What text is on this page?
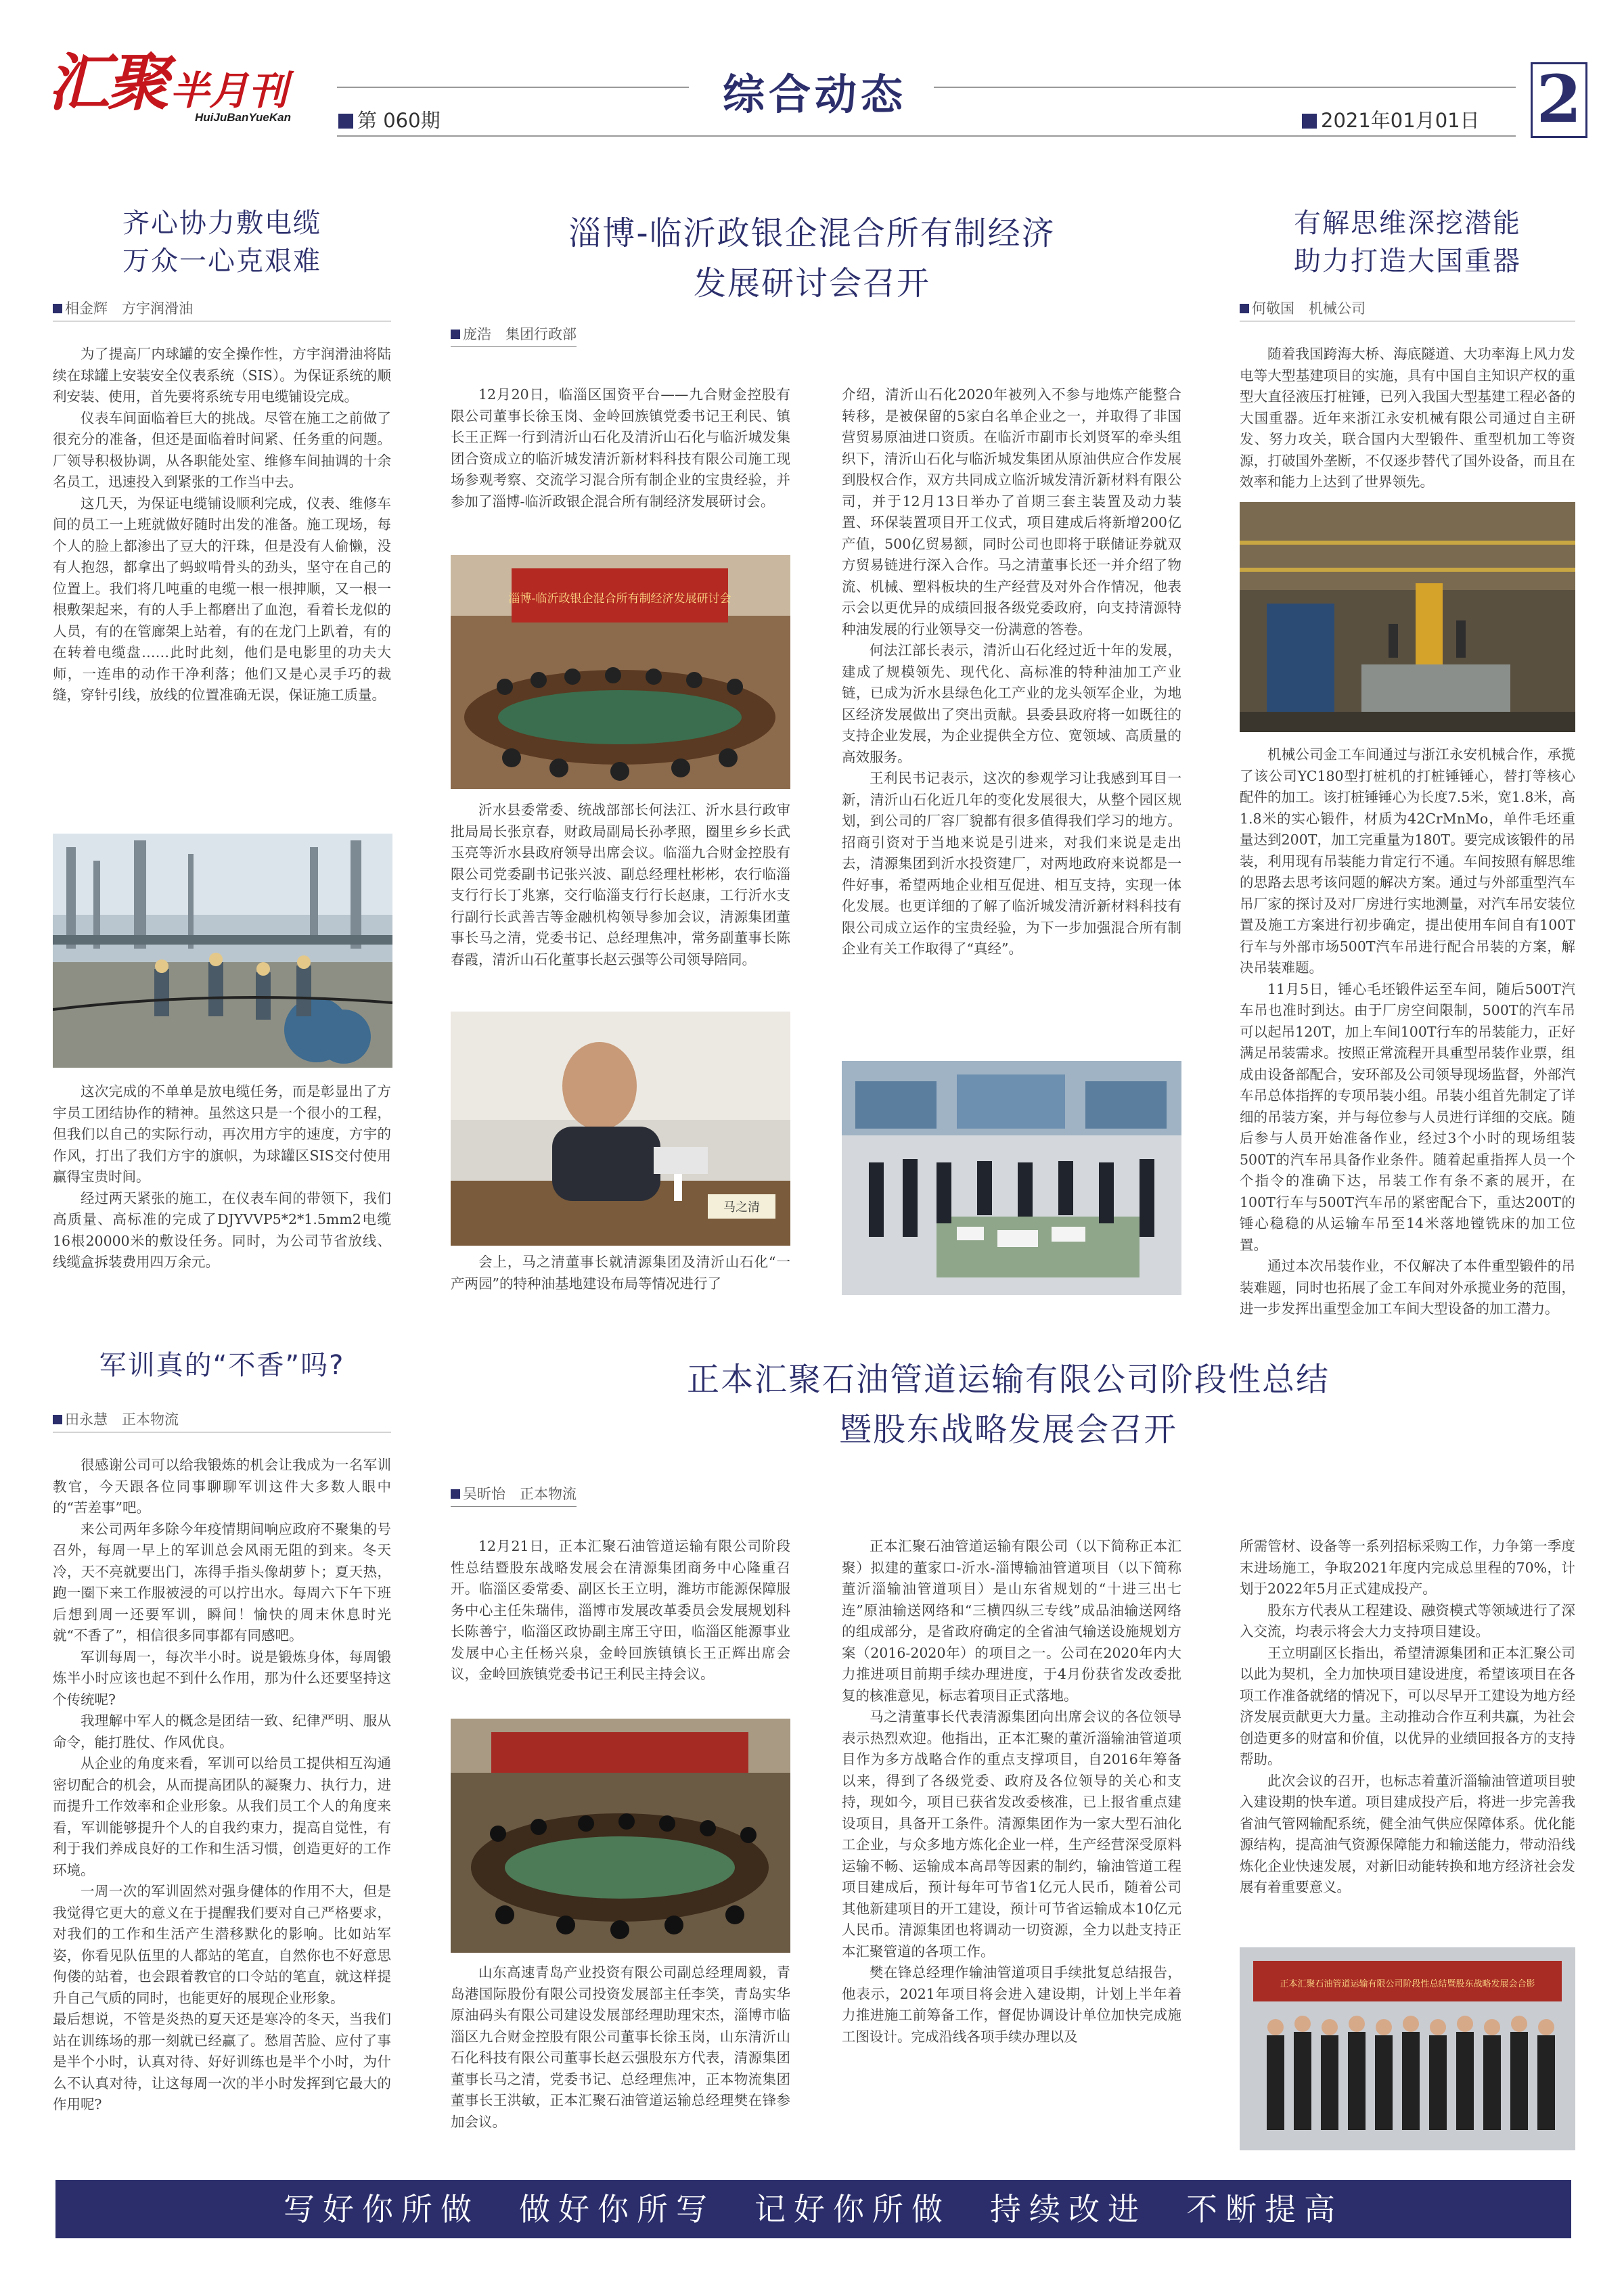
汇聚 半月刊
HuiJuBanYueKan	第 060期
综合动态
2021年01月01日 2
齐心协力敷电缆
万众一心克艰难
相金辉　方宇润滑油

为了提高厂内球罐的安全操作性，方宇润滑油将陆续在球罐上安装安全仪表系统（SIS）。为保证系统的顺利安装、使用，首先要将系统专用电缆铺设完成。

仪表车间面临着巨大的挑战。尽管在施工之前做了很充分的准备，但还是面临着时间紧、任务重的问题。厂领导积极协调，从各职能处室、维修车间抽调的十余名员工，迅速投入到紧张的工作当中去。

这几天，为保证电缆铺设顺利完成，仪表、维修车间的员工一上班就做好随时出发的准备。施工现场，每个人的脸上都渗出了豆大的汗珠，但是没有人偷懒，没有人抱怨，都拿出了蚂蚁啃骨头的劲头，坚守在自己的位置上。我们将几吨重的电缆一根一根抻顺，又一根一根敷架起来，有的人手上都磨出了血泡，看着长龙似的人员，有的在管廊架上站着，有的在龙门上趴着，有的在转着电缆盘……此时此刻，他们是电影里的功夫大师，一连串的动作干净利落；他们又是心灵手巧的裁缝，穿针引线，放线的位置准确无误，保证施工质量。

这次完成的不单单是放电缆任务，而是彰显出了方宇员工团结协作的精神。虽然这只是一个很小的工程，但我们以自己的实际行动，再次用方宇的速度，方宇的作风，打出了我们方宇的旗帜，为球罐区SIS交付使用赢得宝贵时间。

经过两天紧张的施工，在仪表车间的带领下，我们高质量、高标准的完成了DJYVVP5*2*1.5mm2电缆16根20000米的敷设任务。同时，为公司节省放线、线缆盒拆装费用四万余元。

淄博-临沂政银企混合所有制经济
发展研讨会召开
庞浩　集团行政部

12月20日，临淄区国资平台——九合财金控股有限公司董事长徐玉岗、金岭回族镇党委书记王利民、镇长王正辉一行到清沂山石化及清沂山石化与临沂城发集团合资成立的临沂城发清沂新材料科技有限公司施工现场参观考察、交流学习混合所有制企业的宝贵经验，并参加了淄博-临沂政银企混合所有制经济发展研讨会。

淄博-临沂政银企混合所有制经济发展研讨会

沂水县委常委、统战部部长何法江、沂水县行政审批局局长张京春，财政局副局长孙孝照，圈里乡乡长武玉亮等沂水县政府领导出席会议。临淄九合财金控股有限公司党委副书记张兴波、副总经理杜彬彬，农行临淄支行行长丁兆寨，交行临淄支行行长赵康，工行沂水支行副行长武善吉等金融机构领导参加会议，清源集团董事长马之清，党委书记、总经理焦冲，常务副董事长陈春霞，清沂山石化董事长赵云强等公司领导陪同。

马之清

会上，马之清董事长就清源集团及清沂山石化“一产两园”的特种油基地建设布局等情况进行了

介绍，清沂山石化2020年被列入不参与地炼产能整合转移，是被保留的5家白名单企业之一，并取得了非国营贸易原油进口资质。在临沂市副市长刘贤军的牵头组织下，清沂山石化与临沂城发集团从原油供应合作发展到股权合作，双方共同成立临沂城发清沂新材料有限公司，并于12月13日举办了首期三套主装置及动力装置、环保装置项目开工仪式，项目建成后将新增200亿产值，500亿贸易额，同时公司也即将于联储证券就双方贸易链进行深入合作。马之清董事长还一并介绍了物流、机械、塑料板块的生产经营及对外合作情况，他表示会以更优异的成绩回报各级党委政府，向支持清源特种油发展的行业领导交一份满意的答卷。

何法江部长表示，清沂山石化经过近十年的发展，建成了规模领先、现代化、高标准的特种油加工产业链，已成为沂水县绿色化工产业的龙头领军企业，为地区经济发展做出了突出贡献。县委县政府将一如既往的支持企业发展，为企业提供全方位、宽领域、高质量的高效服务。

王利民书记表示，这次的参观学习让我感到耳目一新，清沂山石化近几年的变化发展很大，从整个园区规划，到公司的厂容厂貌都有很多值得我们学习的地方。招商引资对于当地来说是引进来，对我们来说是走出去，清源集团到沂水投资建厂，对两地政府来说都是一件好事，希望两地企业相互促进、相互支持，实现一体化发展。也更详细的了解了临沂城发清沂新材料科技有限公司成立运作的宝贵经验，为下一步加强混合所有制企业有关工作取得了“真经”。

有解思维深挖潜能
助力打造大国重器
何敬国　机械公司

随着我国跨海大桥、海底隧道、大功率海上风力发电等大型基建项目的实施，具有中国自主知识产权的重型大直径液压打桩锤，已列入我国大型基建工程必备的大国重器。近年来浙江永安机械有限公司通过自主研发、努力攻关，联合国内大型锻件、重型机加工等资源，打破国外垄断，不仅逐步替代了国外设备，而且在效率和能力上达到了世界领先。

机械公司金工车间通过与浙江永安机械合作，承揽了该公司YC180型打桩机的打桩锤锤心，替打等核心配件的加工。该打桩锤锤心为长度7.5米，宽1.8米，高1.8米的实心锻件，材质为42CrMnMo，单件毛坯重量达到200T，加工完重量为180T。要完成该锻件的吊装，利用现有吊装能力肯定行不通。车间按照有解思维的思路去思考该问题的解决方案。通过与外部重型汽车吊厂家的探讨及对厂房进行实地测量，对汽车吊安装位置及施工方案进行初步确定，提出使用车间自有100T行车与外部市场500T汽车吊进行配合吊装的方案，解决吊装难题。

11月5日，锤心毛坯锻件运至车间，随后500T汽车吊也准时到达。由于厂房空间限制，500T的汽车吊可以起吊120T，加上车间100T行车的吊装能力，正好满足吊装需求。按照正常流程开具重型吊装作业票，组成由设备部配合，安环部及公司领导现场监督，外部汽车吊总体指挥的专项吊装小组。吊装小组首先制定了详细的吊装方案，并与每位参与人员进行详细的交底。随后参与人员开始准备作业，经过3个小时的现场组装500T的汽车吊具备作业条件。随着起重指挥人员一个个指令的准确下达，吊装工作有条不紊的展开，在100T行车与500T汽车吊的紧密配合下，重达200T的锤心稳稳的从运输车吊至14米落地镗铣床的加工位置。

通过本次吊装作业，不仅解决了本件重型锻件的吊装难题，同时也拓展了金工车间对外承揽业务的范围，进一步发挥出重型金加工车间大型设备的加工潜力。

军训真的“不香”吗?
田永慧　正本物流

很感谢公司可以给我锻炼的机会让我成为一名军训教官，今天跟各位同事聊聊军训这件大多数人眼中的“苦差事”吧。

来公司两年多除今年疫情期间响应政府不聚集的号召外，每周一早上的军训总会风雨无阻的到来。冬天冷，天不亮就要出门，冻得手指头像胡萝卜；夏天热，跑一圈下来工作服被浸的可以拧出水。每周六下午下班后想到周一还要军训，瞬间！愉快的周末休息时光就“不香了”，相信很多同事都有同感吧。

军训每周一，每次半小时。说是锻炼身体，每周锻炼半小时应该也起不到什么作用，那为什么还要坚持这个传统呢?

我理解中军人的概念是团结一致、纪律严明、服从命令，能打胜仗、作风优良。

从企业的角度来看，军训可以给员工提供相互沟通密切配合的机会，从而提高团队的凝聚力、执行力，进而提升工作效率和企业形象。从我们员工个人的角度来看，军训能够提升个人的自我约束力，提高自觉性，有利于我们养成良好的工作和生活习惯，创造更好的工作环境。

一周一次的军训固然对强身健体的作用不大，但是我觉得它更大的意义在于提醒我们要对自己严格要求，对我们的工作和生活产生潜移默化的影响。比如站军姿，你看见队伍里的人都站的笔直，自然你也不好意思佝偻的站着，也会跟着教官的口令站的笔直，就这样提升自己气质的同时，也能更好的展现企业形象。

最后想说，不管是炎热的夏天还是寒冷的冬天，当我们站在训练场的那一刻就已经赢了。愁眉苦脸、应付了事是半个小时，认真对待、好好训练也是半个小时，为什么不认真对待，让这每周一次的半小时发挥到它最大的作用呢?

正本汇聚石油管道运输有限公司阶段性总结
暨股东战略发展会召开
吴昕怡　正本物流

12月21日，正本汇聚石油管道运输有限公司阶段性总结暨股东战略发展会在清源集团商务中心隆重召开。临淄区委常委、副区长王立明，潍坊市能源保障服务中心主任朱瑞伟，淄博市发展改革委员会发展规划科长陈善宁，临淄区政协副主席王守田，临淄区能源事业发展中心主任杨兴泉，金岭回族镇镇长王正辉出席会议，金岭回族镇党委书记王利民主持会议。

山东高速青岛产业投资有限公司副总经理周毅，青岛港国际股份有限公司投资发展部主任李笑，青岛实华原油码头有限公司建设发展部经理助理宋杰，淄博市临淄区九合财金控股有限公司董事长徐玉岗，山东清沂山石化科技有限公司董事长赵云强股东方代表，清源集团董事长马之清，党委书记、总经理焦冲，正本物流集团董事长王洪敏，正本汇聚石油管道运输总经理樊在锋参加会议。

正本汇聚石油管道运输有限公司（以下简称正本汇聚）拟建的董家口-沂水-淄博输油管道项目（以下简称董沂淄输油管道项目）是山东省规划的“十进三出七连”原油输送网络和“三横四纵三专线”成品油输送网络的组成部分，是省政府确定的全省油气输送设施规划方案（2016-2020年）的项目之一。公司在2020年内大力推进项目前期手续办理进度，于4月份获省发改委批复的核准意见，标志着项目正式落地。

马之清董事长代表清源集团向出席会议的各位领导表示热烈欢迎。他指出，正本汇聚的董沂淄输油管道项目作为多方战略合作的重点支撑项目，自2016年筹备以来，得到了各级党委、政府及各位领导的关心和支持，现如今，项目已获省发改委核准，已上报省重点建设项目，具备开工条件。清源集团作为一家大型石油化工企业，与众多地方炼化企业一样，生产经营深受原料运输不畅、运输成本高昂等因素的制约，输油管道工程项目建成后，预计每年可节省1亿元人民币，随着公司其他新建项目的开工建设，预计可节省运输成本10亿元人民币。清源集团也将调动一切资源，全力以赴支持正本汇聚管道的各项工作。

樊在锋总经理作输油管道项目手续批复总结报告，他表示，2021年项目将会进入建设期，计划上半年着力推进施工前筹备工作，督促协调设计单位加快完成施工图设计。完成沿线各项手续办理以及

所需管材、设备等一系列招标采购工作，力争第一季度末进场施工，争取2021年度内完成总里程的70%，计划于2022年5月正式建成投产。

股东方代表从工程建设、融资模式等领域进行了深入交流，均表示将会大力支持项目建设。

王立明副区长指出，希望清源集团和正本汇聚公司以此为契机，全力加快项目建设进度，希望该项目在各项工作准备就绪的情况下，可以尽早开工建设为地方经济发展贡献更大力量。主动推动合作互利共赢，为社会创造更多的财富和价值，以优异的业绩回报各方的支持帮助。

此次会议的召开，也标志着董沂淄输油管道项目驶入建设期的快车道。项目建成投产后，将进一步完善我省油气管网输配系统，健全油气供应保障体系。优化能源结构，提高油气资源保障能力和输送能力，带动沿线炼化企业快速发展，对新旧动能转换和地方经济社会发展有着重要意义。

正本汇聚石油管道运输有限公司阶段性总结暨股东战略发展会合影
写好你所做　做好你所写　记好你所做　持续改进　不断提高
